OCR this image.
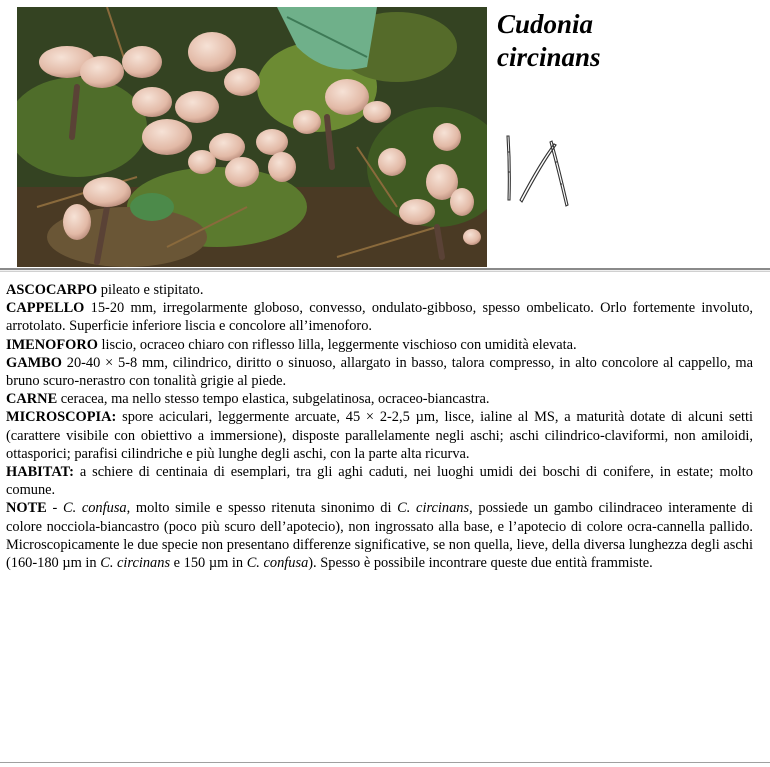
Cudonia
circinans

ASCOCARPO pileato e stipitato.

CAPPELLO 15-20 mm, irregolarmente globoso, convesso, ondulato-gibboso, spesso ombelicato. Orlo fortemente involuto, arrotolato. Superficie inferiore liscia e concolore all’imenoforo.

IMENOFORO liscio, ocraceo chiaro con riflesso lilla, leggermente vischioso con umidità elevata.

GAMBO 20-40 × 5-8 mm, cilindrico, diritto o sinuoso, allargato in basso, talora compresso, in alto concolore al cappello, ma bruno scuro-nerastro con tonalità grigie al piede.

CARNE ceracea, ma nello stesso tempo elastica, subgelatinosa, ocraceo-biancastra.

MICROSCOPIA: spore aciculari, leggermente arcuate, 45 × 2-2,5 µm, lisce, ialine al MS, a maturità dotate di alcuni setti (carattere visibile con obiettivo a immersione), disposte parallelamente negli aschi; aschi cilindrico-claviformi, non amiloidi, ottasporici; parafisi cilindriche e più lunghe degli aschi, con la parte alta ricurva.

HABITAT: a schiere di centinaia di esemplari, tra gli aghi caduti, nei luoghi umidi dei boschi di conifere, in estate; molto comune.

NOTE - C. confusa, molto simile e spesso ritenuta sinonimo di C. circinans, possiede un gambo cilindraceo interamente di colore nocciola-biancastro (poco più scuro dell’apotecio), non ingrossato alla base, e l’apotecio di colore ocra-cannella pallido. Microscopicamente le due specie non presentano differenze significative, se non quella, lieve, della diversa lunghezza degli aschi (160-180 µm in C. circinans e 150 µm in C. confusa). Spesso è possibile incontrare queste due entità frammiste.
